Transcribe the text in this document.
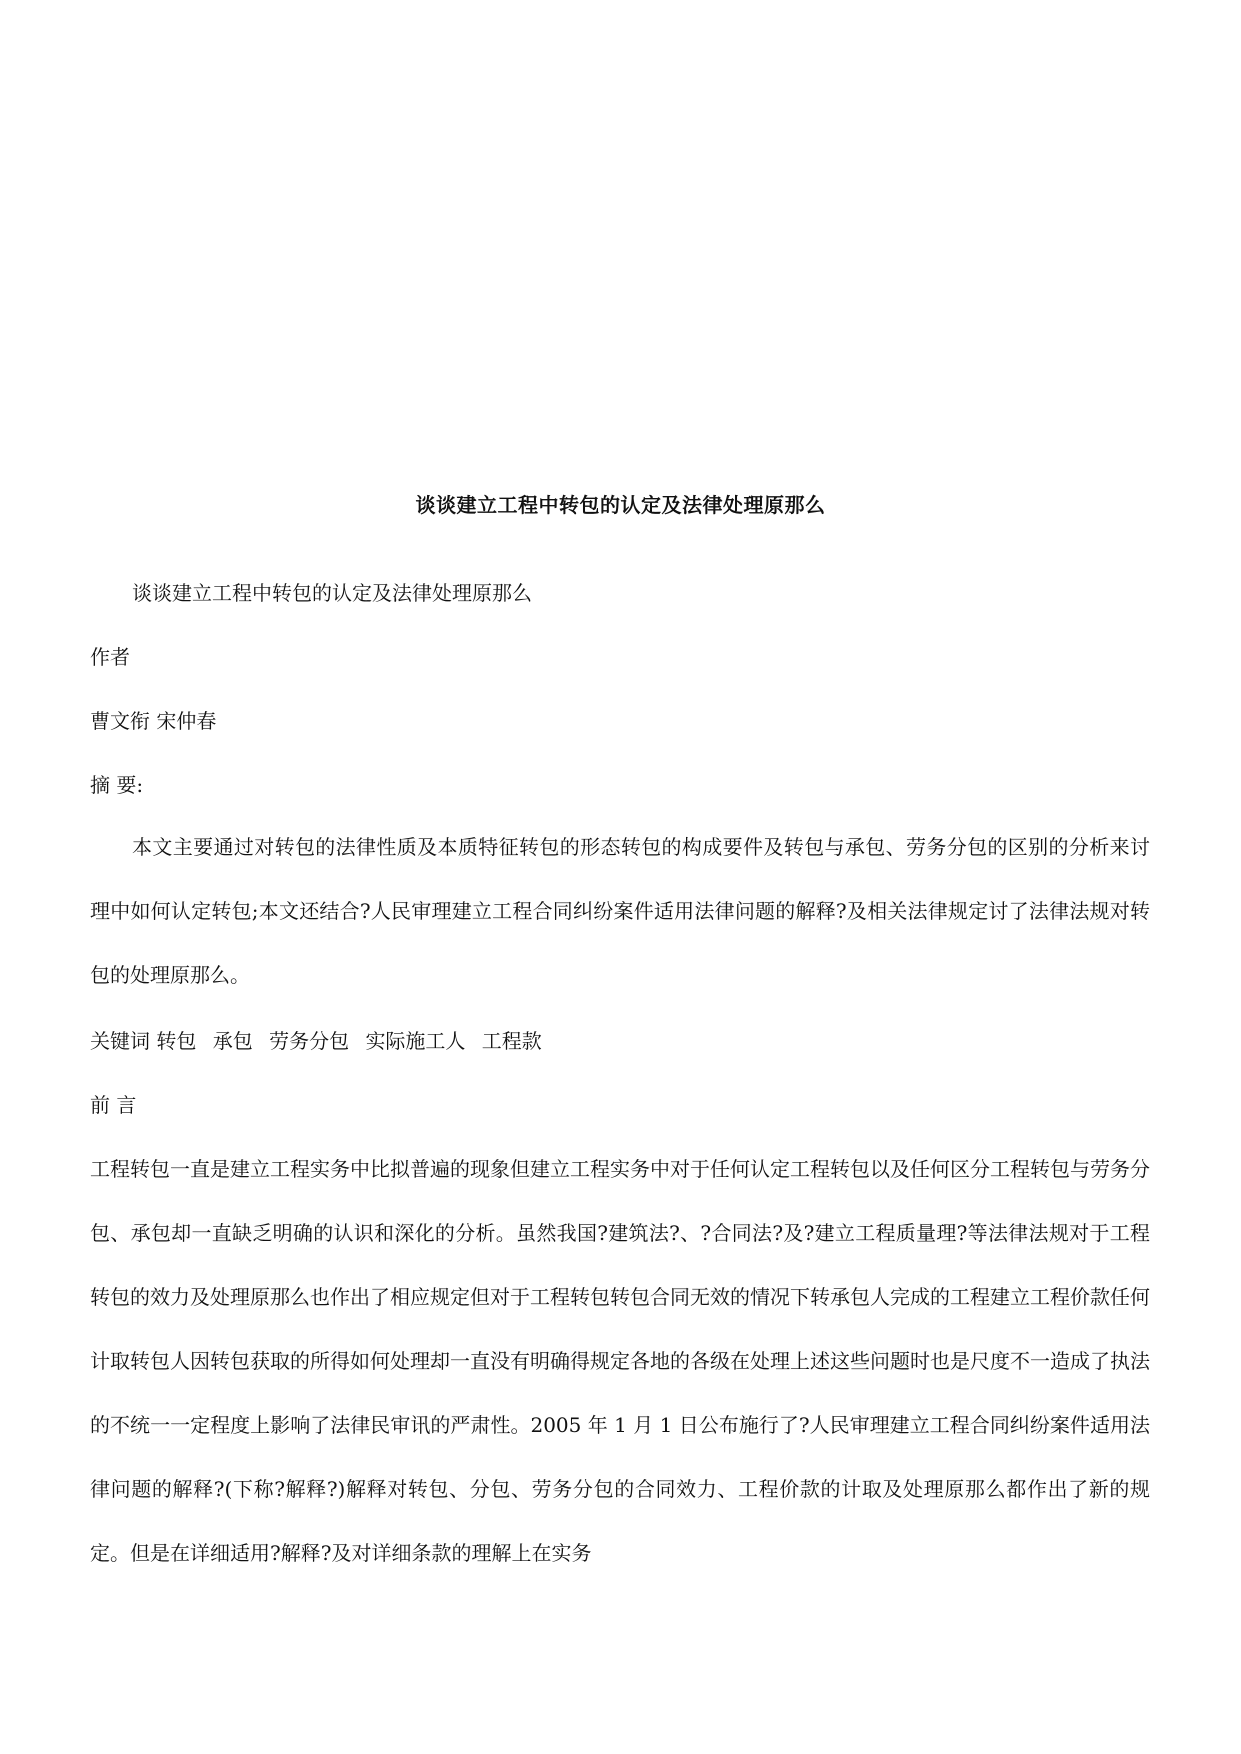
谈谈建立工程中转包的认定及法律处理原那么
谈谈建立工程中转包的认定及法律处理原那么
作者
曹文衔 宋仲春
摘 要:
本文主要通过对转包的法律性质及本质特征转包的形态转包的构成要件及转包与承包、劳务分包的区别的分析来讨理中如何认定转包;本文还结合?人民审理建立工程合同纠纷案件适用法律问题的解释?及相关法律规定讨了法律法规对转包的处理原那么。
关键词 转包 承包 劳务分包 实际施工人 工程款
前 言
工程转包一直是建立工程实务中比拟普遍的现象但建立工程实务中对于任何认定工程转包以及任何区分工程转包与劳务分包、承包却一直缺乏明确的认识和深化的分析。虽然我国?建筑法?、?合同法?及?建立工程质量理?等法律法规对于工程转包的效力及处理原那么也作出了相应规定但对于工程转包转包合同无效的情况下转承包人完成的工程建立工程价款任何计取转包人因转包获取的所得如何处理却一直没有明确得规定各地的各级在处理上述这些问题时也是尺度不一造成了执法的不统一一定程度上影响了法律民审讯的严肃性。2005 年 1 月 1 日公布施行了?人民审理建立工程合同纠纷案件适用法律问题的解释?(下称?解释?)解释对转包、分包、劳务分包的合同效力、工程价款的计取及处理原那么都作出了新的规定。但是在详细适用?解释?及对详细条款的理解上在实务
